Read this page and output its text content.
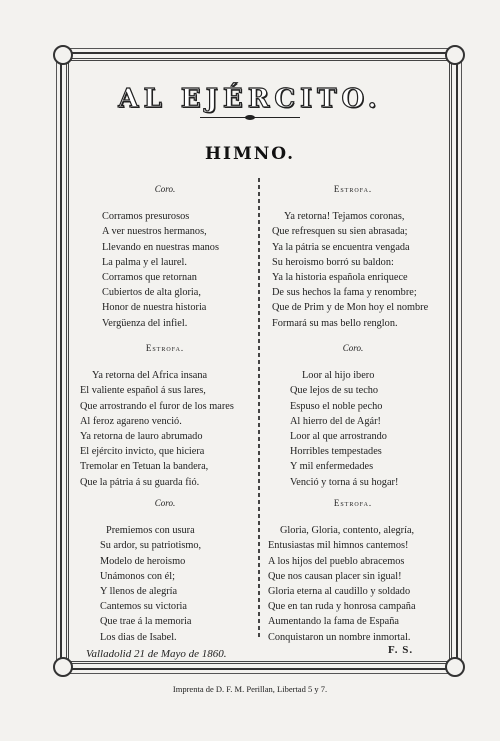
AL EJÉRCITO.
HIMNO.
Coro.
Corramos presurosos
A ver nuestros hermanos,
Llevando en nuestras manos
La palma y el laurel.
Corramos que retornan
Cubiertos de alta gloria,
Honor de nuestra historia
Vergüenza del infiel.
Estrofa.
Ya retorna! Tejamos coronas,
Que refresquen su sien abrasada;
Ya la pátria se encuentra vengada
Su heroismo borró su baldon:
Ya la historia española enriquece
De sus hechos la fama y renombre;
Que de Prim y de Mon hoy el nombre
Formará su mas bello renglon.
Estrofa.
Ya retorna del Africa insana
El valiente español á sus lares,
Que arrostrando el furor de los mares
Al feroz agareno venció.
Ya retorna de lauro abrumado
El ejército invicto, que hiciera
Tremolar en Tetuan la bandera,
Que la pátria á su guarda fió.
Coro.
Loor al hijo ibero
Que lejos de su techo
Espuso el noble pecho
Al hierro del de Agár!
Loor al que arrostrando
Horribles tempestades
Y mil enfermedades
Venció y torna á su hogar!
Coro.
Premiemos con usura
Su ardor, su patriotismo,
Modelo de heroismo
Unámonos con él;
Y llenos de alegría
Cantemos su victoria
Que trae á la memoria
Los dias de Isabel.
Estrofa.
Gloria, Gloria, contento, alegría,
Entusiastas mil himnos cantemos!
A los hijos del pueblo abracemos
Que nos causan placer sin igual!
Gloria eterna al caudillo y soldado
Que en tan ruda y honrosa campaña
Aumentando la fama de España
Conquistaron un nombre inmortal.
Valladolid 21 de Mayo de 1860.	F. S.
Imprenta de D. F. M. Perillan, Libertad 5 y 7.
